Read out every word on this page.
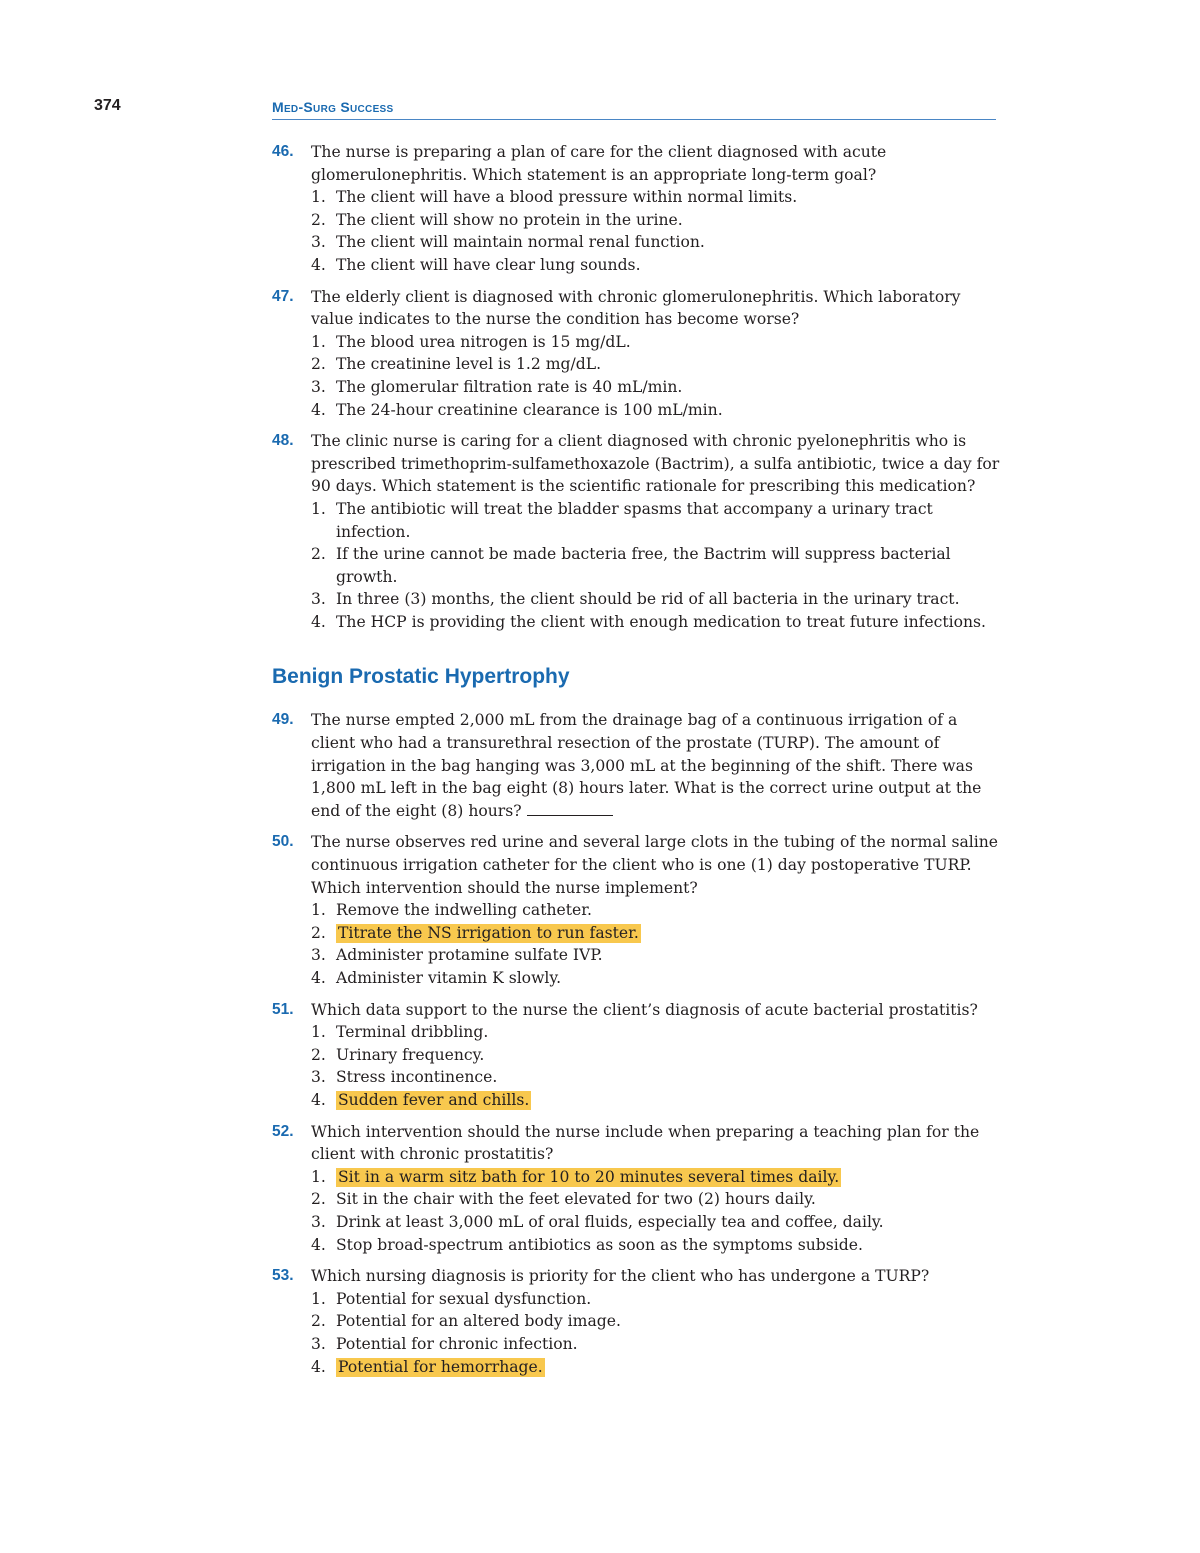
374	Med-Surg Success
46.	The nurse is preparing a plan of care for the client diagnosed with acute glomerulonephritis. Which statement is an appropriate long-term goal?
1. The client will have a blood pressure within normal limits.
2. The client will show no protein in the urine.
3. The client will maintain normal renal function.
4. The client will have clear lung sounds.
47.	The elderly client is diagnosed with chronic glomerulonephritis. Which laboratory value indicates to the nurse the condition has become worse?
1. The blood urea nitrogen is 15 mg/dL.
2. The creatinine level is 1.2 mg/dL.
3. The glomerular filtration rate is 40 mL/min.
4. The 24-hour creatinine clearance is 100 mL/min.
48.	The clinic nurse is caring for a client diagnosed with chronic pyelonephritis who is prescribed trimethoprim-sulfamethoxazole (Bactrim), a sulfa antibiotic, twice a day for 90 days. Which statement is the scientific rationale for prescribing this medication?
1. The antibiotic will treat the bladder spasms that accompany a urinary tract infection.
2. If the urine cannot be made bacteria free, the Bactrim will suppress bacterial growth.
3. In three (3) months, the client should be rid of all bacteria in the urinary tract.
4. The HCP is providing the client with enough medication to treat future infections.
Benign Prostatic Hypertrophy
49.	The nurse empted 2,000 mL from the drainage bag of a continuous irrigation of a client who had a transurethral resection of the prostate (TURP). The amount of irrigation in the bag hanging was 3,000 mL at the beginning of the shift. There was 1,800 mL left in the bag eight (8) hours later. What is the correct urine output at the end of the eight (8) hours?
50.	The nurse observes red urine and several large clots in the tubing of the normal saline continuous irrigation catheter for the client who is one (1) day postoperative TURP. Which intervention should the nurse implement?
1. Remove the indwelling catheter.
2. Titrate the NS irrigation to run faster.
3. Administer protamine sulfate IVP.
4. Administer vitamin K slowly.
51.	Which data support to the nurse the client’s diagnosis of acute bacterial prostatitis?
1. Terminal dribbling.
2. Urinary frequency.
3. Stress incontinence.
4. Sudden fever and chills.
52.	Which intervention should the nurse include when preparing a teaching plan for the client with chronic prostatitis?
1. Sit in a warm sitz bath for 10 to 20 minutes several times daily.
2. Sit in the chair with the feet elevated for two (2) hours daily.
3. Drink at least 3,000 mL of oral fluids, especially tea and coffee, daily.
4. Stop broad-spectrum antibiotics as soon as the symptoms subside.
53.	Which nursing diagnosis is priority for the client who has undergone a TURP?
1. Potential for sexual dysfunction.
2. Potential for an altered body image.
3. Potential for chronic infection.
4. Potential for hemorrhage.
